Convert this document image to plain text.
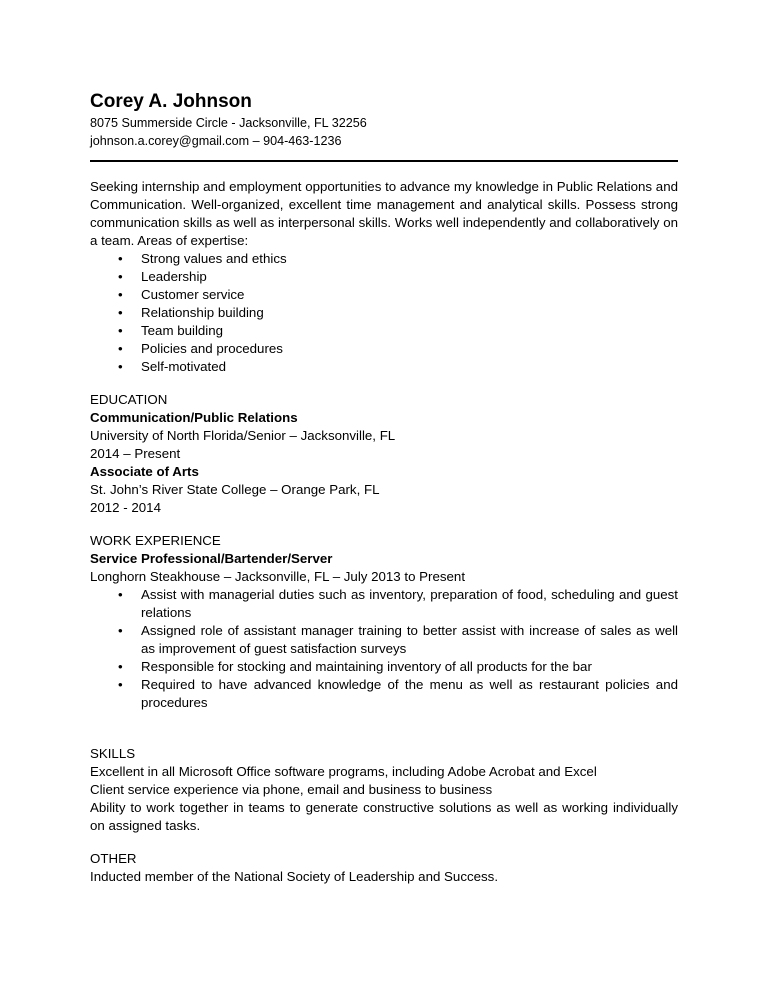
Corey A. Johnson
8075 Summerside Circle - Jacksonville, FL 32256
johnson.a.corey@gmail.com – 904-463-1236
Seeking internship and employment opportunities to advance my knowledge in Public Relations and Communication. Well-organized, excellent time management and analytical skills. Possess strong communication skills as well as interpersonal skills. Works well independently and collaboratively on a team. Areas of expertise:
• Strong values and ethics
• Leadership
• Customer service
• Relationship building
• Team building
• Policies and procedures
• Self-motivated
EDUCATION
Communication/Public Relations
University of North Florida/Senior – Jacksonville, FL
2014 – Present
Associate of Arts
St. John’s River State College – Orange Park, FL
2012 - 2014
WORK EXPERIENCE
Service Professional/Bartender/Server
Longhorn Steakhouse – Jacksonville, FL – July 2013 to Present
• Assist with managerial duties such as inventory, preparation of food, scheduling and guest relations
• Assigned role of assistant manager training to better assist with increase of sales as well as improvement of guest satisfaction surveys
• Responsible for stocking and maintaining inventory of all products for the bar
• Required to have advanced knowledge of the menu as well as restaurant policies and procedures
SKILLS
Excellent in all Microsoft Office software programs, including Adobe Acrobat and Excel
Client service experience via phone, email and business to business
Ability to work together in teams to generate constructive solutions as well as working individually on assigned tasks.
OTHER
Inducted member of the National Society of Leadership and Success.
